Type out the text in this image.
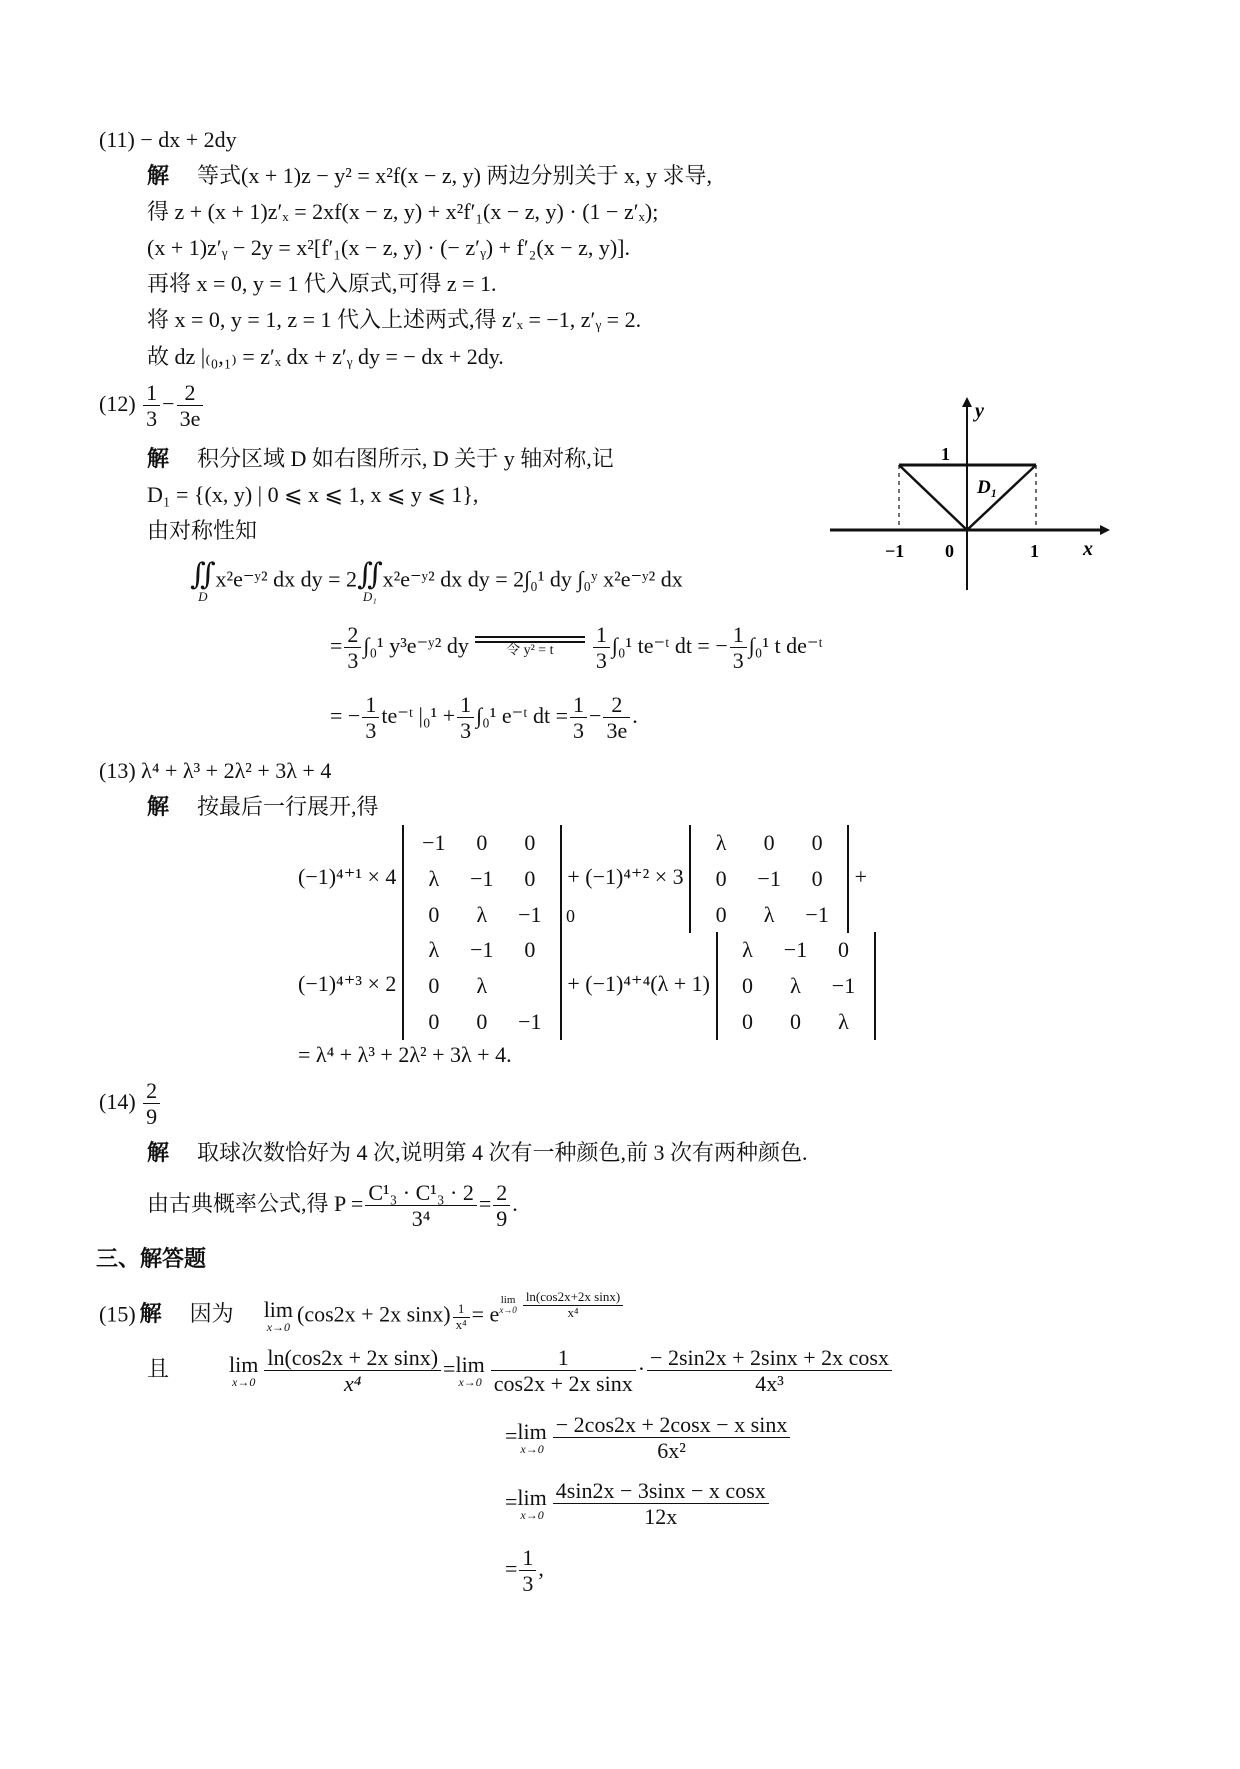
(11) − dx + 2dy
解 等式(x + 1)z − y² = x²f(x − z, y) 两边分别关于 x, y 求导,
得 z + (x + 1)z′ₓ = 2xf(x − z, y) + x²f′₁(x − z, y) · (1 − z′ₓ);
(x + 1)z′ᵧ − 2y = x²[f′₁(x − z, y) · (− z′ᵧ) + f′₂(x − z, y)].
再将 x = 0, y = 1 代入原式,可得 z = 1.
将 x = 0, y = 1, z = 1 代入上述两式,得 z′ₓ = −1, z′ᵧ = 2.
故 dz |₍₀,₁₎ = z′ₓ dx + z′ᵧ dy = − dx + 2dy.
$(12) \frac{1}{3} - \frac{2}{3e}$
解 积分区域 D 如右图所示, D 关于 y 轴对称,记
D₁ = {(x, y) | 0 ⩽ x ⩽ 1, x ⩽ y ⩽ 1},
由对称性知
∬
D
x²e⁻ʸ² dx dy = 2 ∬
D₁
x²e⁻ʸ² dx dy = 2∫₀¹ dy ∫₀ʸ x²e⁻ʸ² dx
= $\frac{2}{3} \int_0^1$ y³e⁻ʸ² dy	令 y² = t $\frac{1}{3} \int_0^1$ te⁻ᵗ dt = − $\frac{1}{3} \int_0^1$ t de⁻ᵗ
= − $\frac{1}{3}$ te⁻ᵗ $|_0^1 + \frac{1}{3} \int_0^1$ e⁻ᵗ dt = $\frac{1}{3} - \frac{2}{3e}$ .
y
x
1
−1 0	1
D₁
(13) λ⁴ + λ³ + 2λ² + 3λ + 4
解 按最后一行展开,得
(−1)⁴⁺¹ × 4
−1	0	0
λ	−1	0
0	λ	−1
+ (−1)⁴⁺² × 3
λ	0	0
0	−1	0
0	λ	−1
+
0
(−1)⁴⁺³ × 2
λ	−1	0
0	λ
0	0	−1
+ (−1)⁴⁺⁴(λ + 1)
λ	−1	0
0	λ	−1
0	0	λ
= λ⁴ + λ³ + 2λ² + 3λ + 4.
$(14) \frac{2}{9}$
解 取球次数恰好为 4 次,说明第 4 次有一种颜色,前 3 次有两种颜色.
由古典概率公式,得 $P = \frac{\text{C¹₃ · C¹₃ · 2}}{\text{3⁴}} = \frac{2}{9}$ .
三、解答题
(15) 解 因为 lim
x→0
(cos2x + 2x $\sin x) \frac{1}{\text{x⁴}} = e$
lim
$x\to 0 \frac{\text{ln(cos2x+2x sinx)}}{\text{x⁴}}$
且	lim
$x\to 0 \frac{\text{ln(cos2x + 2x sinx)}}{\text{x⁴}} = \lim$
$x\to 0 \frac{1}{\text{cos2x + 2x sinx}} \cdot \frac{\text{− 2sin2x + 2sinx + 2x cosx}}{\text{4x³}}$
= lim
$x\to 0 \frac{\text{− 2cos2x + 2cosx − x sinx}}{\text{6x²}}$
= lim
$x\to 0 \frac{\text{4sin2x − 3sinx − x cosx}}{12x}$
= $\frac{1}{3}$ ,
